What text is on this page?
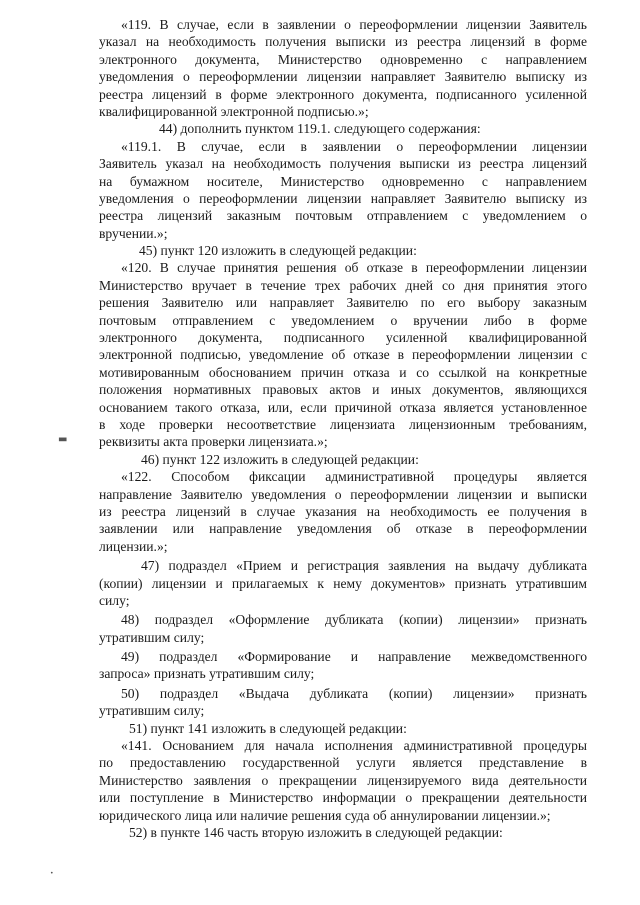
«119. В случае, если в заявлении о переоформлении лицензии Заявитель
указал на необходимость получения выписки из реестра лицензий в форме
электронного документа, Министерство одновременно с направлением
уведомления о переоформлении лицензии направляет Заявителю выписку из
реестра лицензий в форме электронного документа, подписанного усиленной
квалифицированной электронной подписью.»;
44) дополнить пунктом 119.1. следующего содержания:
«119.1. В случае, если в заявлении о переоформлении лицензии
Заявитель указал на необходимость получения выписки из реестра лицензий
на бумажном носителе, Министерство одновременно с направлением
уведомления о переоформлении лицензии направляет Заявителю выписку из
реестра лицензий заказным почтовым отправлением с уведомлением о
вручении.»;
45) пункт 120 изложить в следующей редакции:
«120. В случае принятия решения об отказе в переоформлении лицензии
Министерство вручает в течение трех рабочих дней со дня принятия этого
решения Заявителю или направляет Заявителю по его выбору заказным
почтовым отправлением с уведомлением о вручении либо в форме
электронного документа, подписанного усиленной квалифицированной
электронной подписью, уведомление об отказе в переоформлении лицензии с
мотивированным обоснованием причин отказа и со ссылкой на конкретные
положения нормативных правовых актов и иных документов, являющихся
основанием такого отказа, или, если причиной отказа является установленное
в ходе проверки несоответствие лицензиата лицензионным требованиям,
реквизиты акта проверки лицензиата.»;
46) пункт 122 изложить в следующей редакции:
«122. Способом фиксации административной процедуры является
направление Заявителю уведомления о переоформлении лицензии и выписки
из реестра лицензий в случае указания на необходимость ее получения в
заявлении или направление уведомления об отказе в переоформлении
лицензии.»;
47) подраздел «Прием и регистрация заявления на выдачу дубликата
(копии) лицензии и прилагаемых к нему документов» признать утратившим
силу;
48) подраздел «Оформление дубликата (копии) лицензии» признать
утратившим силу;
49) подраздел «Формирование и направление межведомственного
запроса» признать утратившим силу;
50) подраздел «Выдача дубликата (копии) лицензии» признать
утратившим силу;
51) пункт 141 изложить в следующей редакции:
«141. Основанием для начала исполнения административной процедуры
по предоставлению государственной услуги является представление в
Министерство заявления о прекращении лицензируемого вида деятельности
или поступление в Министерство информации о прекращении деятельности
юридического лица или наличие решения суда об аннулировании лицензии.»;
52) в пункте 146 часть вторую изложить в следующей редакции:
▬
•
